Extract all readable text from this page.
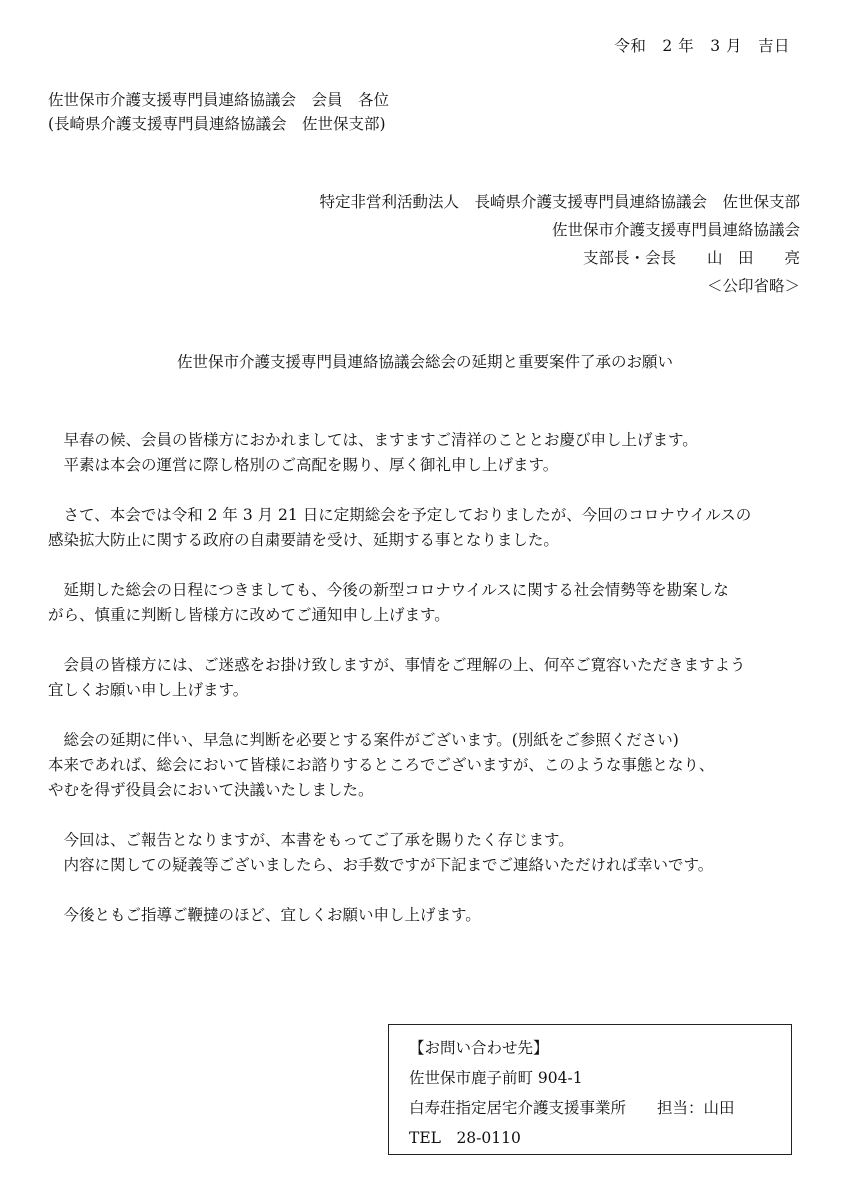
令和　2 年　3 月　吉日
佐世保市介護支援専門員連絡協議会　会員　各位
(長崎県介護支援専門員連絡協議会　佐世保支部)
特定非営利活動法人　長崎県介護支援専門員連絡協議会　佐世保支部
佐世保市介護支援専門員連絡協議会
支部長・会長　　山　田　　亮
＜公印省略＞
佐世保市介護支援専門員連絡協議会総会の延期と重要案件了承のお願い

　早春の候、会員の皆様方におかれましては、ますますご清祥のこととお慶び申し上げます。

　平素は本会の運営に際し格別のご高配を賜り、厚く御礼申し上げます。

　さて、本会では令和 2 年 3 月 21 日に定期総会を予定しておりましたが、今回のコロナウイルスの

感染拡大防止に関する政府の自粛要請を受け、延期する事となりました。

　延期した総会の日程につきましても、今後の新型コロナウイルスに関する社会情勢等を勘案しな

がら、慎重に判断し皆様方に改めてご通知申し上げます。

　会員の皆様方には、ご迷惑をお掛け致しますが、事情をご理解の上、何卒ご寛容いただきますよう

宜しくお願い申し上げます。

　総会の延期に伴い、早急に判断を必要とする案件がございます。(別紙をご参照ください)

本来であれば、総会において皆様にお諮りするところでございますが、このような事態となり、

やむを得ず役員会において決議いたしました。

　今回は、ご報告となりますが、本書をもってご了承を賜りたく存じます。

　内容に関しての疑義等ございましたら、お手数ですが下記までご連絡いただければ幸いです。

　今後ともご指導ご鞭撻のほど、宜しくお願い申し上げます。

【お問い合わせ先】

佐世保市鹿子前町 904-1

白寿荘指定居宅介護支援事業所　　担当：山田

TEL　28-0110
